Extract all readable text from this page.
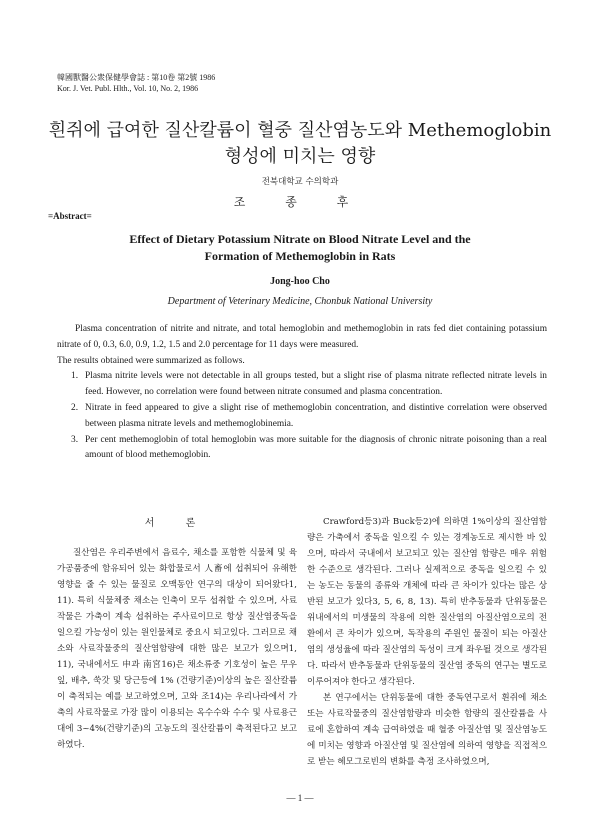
韓國獸醫公衆保健學會誌 : 第10卷 第2號 1986
Kor. J. Vet. Publ. Hlth., Vol. 10, No. 2, 1986
흰쥐에 급여한 질산칼륨이 혈중 질산염농도와 Methemoglobin
형성에 미치는 영향
전북대학교 수의학과
조 종 후
=Abstract=
Effect of Dietary Potassium Nitrate on Blood Nitrate Level and the
Formation of Methemoglobin in Rats
Jong-hoo Cho
Department of Veterinary Medicine, Chonbuk National University

Plasma concentration of nitrite and nitrate, and total hemoglobin and methemoglobin in rats fed diet containing potassium nitrate of 0, 0.3, 6.0, 0.9, 1.2, 1.5 and 2.0 percentage for 11 days were measured.

The results obtained were summarized as follows.

1. Plasma nitrite levels were not detectable in all groups tested, but a slight rise of plasma nitrate reflected nitrate levels in feed. However, no correlation were found between nitrate consumed and plasma concentration.
2. Nitrate in feed appeared to give a slight rise of methemoglobin concentration, and distintive correlation were observed between plasma nitrate levels and methemoglobinemia.
3. Per cent methemoglobin of total hemoglobin was more suitable for the diagnosis of chronic nitrate poisoning than a real amount of blood methemoglobin.
서 론

질산염은 우리주변에서 음료수, 채소를 포함한 식물체 및 육가공품중에 함유되어 있는 화합물로서 人畜에 섭취되어 유해한 영향을 줄 수 있는 물질로 오맥동안 연구의 대상이 되어왔다1, 11). 특히 식물체중 채소는 인축이 모두 섭취할 수 있으며, 사료작물은 가축이 계속 섭취하는 주사료이므로 항상 질산염중독을 일으킬 가능성이 있는 원인물체로 중요시 되고있다. 그러므로 채소와 사료작물중의 질산염함량에 대한 많은 보고가 있으며1, 11), 국내에서도 申과 南宮16)은 채소류중 기호성이 높은 무우잎, 배추, 쑥갓 및 당근등에 1% (건량기준)이상의 높은 질산칼륨이 축적되는 예를 보고하였으며, 고와 조14)는 우리나라에서 가축의 사료작물로 가장 많이 이용되는 옥수수와 수수 및 사료용근대에 3~4%(건량기준)의 고농도의 질산칼륨이 축적된다고 보고하였다.

Crawford등3)과 Buck등2)에 의하면 1%이상의 질산염함량은 가축에서 중독을 일으킬 수 있는 경계농도로 제시한 바 있으며, 따라서 국내에서 보고되고 있는 질산염 함량은 매우 위험한 수준으로 생각된다. 그러나 실제적으로 중독을 일으킬 수 있는 농도는 동물의 종류와 개체에 따라 큰 차이가 있다는 많은 상반된 보고가 있다3, 5, 6, 8, 13). 특히 반추동물과 단위동물은 위내에서의 미생물의 작용에 의한 질산염의 아질산염으로의 전환에서 큰 차이가 있으며, 독작용의 주원인 물질이 되는 아질산염의 생성율에 따라 질산염의 독성이 크게 좌우될 것으로 생각된다. 따라서 반추동물과 단위동물의 질산염 중독의 연구는 별도로 이루어져야 한다고 생각된다.

본 연구에서는 단위동물에 대한 중독연구로서 흰쥐에 채소 또는 사료작물중의 질산염함량과 비슷한 함량의 질산칼륨을 사료에 혼합하여 계속 급여하였을 때 혈중 아질산염 및 질산염농도에 미치는 영향과 아질산염 및 질산염에 의하여 영향을 직접적으로 받는 헤모그로빈의 변화를 측정 조사하였으며,

— 1 —
